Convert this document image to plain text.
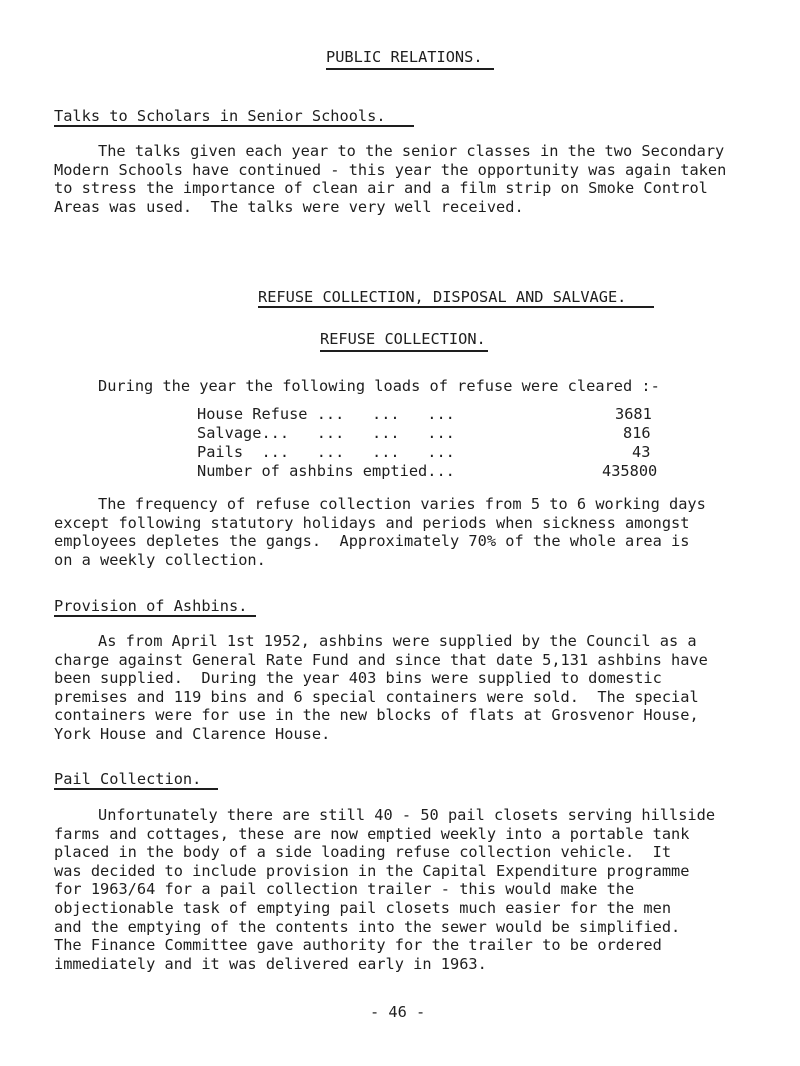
PUBLIC RELATIONS.
Talks to Scholars in Senior Schools.
The talks given each year to the senior classes in the two Secondary
Modern Schools have continued - this year the opportunity was again taken
to stress the importance of clean air and a film strip on Smoke Control
Areas was used.  The talks were very well received.
REFUSE COLLECTION, DISPOSAL AND SALVAGE.
REFUSE COLLECTION.
During the year the following loads of refuse were cleared :-
House Refuse ...   ...   ...	3681
Salvage...   ...   ...   ...	816
Pails  ...   ...   ...   ...	43
Number of ashbins emptied...	435800
The frequency of refuse collection varies from 5 to 6 working days
except following statutory holidays and periods when sickness amongst
employees depletes the gangs.  Approximately 70% of the whole area is
on a weekly collection.
Provision of Ashbins.
As from April 1st 1952, ashbins were supplied by the Council as a
charge against General Rate Fund and since that date 5,131 ashbins have
been supplied.  During the year 403 bins were supplied to domestic
premises and 119 bins and 6 special containers were sold.  The special
containers were for use in the new blocks of flats at Grosvenor House,
York House and Clarence House.
Pail Collection.
Unfortunately there are still 40 - 50 pail closets serving hillside
farms and cottages, these are now emptied weekly into a portable tank
placed in the body of a side loading refuse collection vehicle.  It
was decided to include provision in the Capital Expenditure programme
for 1963/64 for a pail collection trailer - this would make the
objectionable task of emptying pail closets much easier for the men
and the emptying of the contents into the sewer would be simplified.
The Finance Committee gave authority for the trailer to be ordered
immediately and it was delivered early in 1963.
- 46 -
